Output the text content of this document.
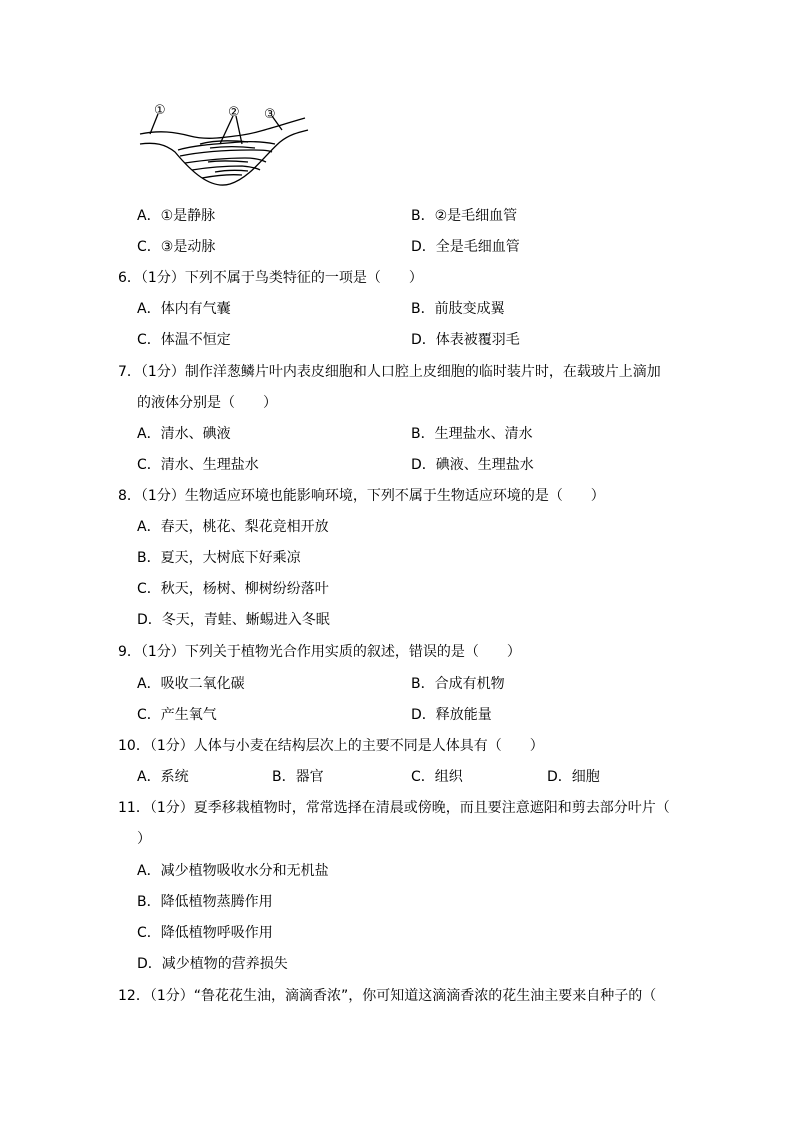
①	② ③
A．①是静脉	B．②是毛细血管
C．③是动脉	D．全是毛细血管
6．（1分）下列不属于鸟类特征的一项是（　　）
A．体内有气囊	B．前肢变成翼
C．体温不恒定	D．体表被覆羽毛
7．（1分）制作洋葱鳞片叶内表皮细胞和人口腔上皮细胞的临时装片时，在载玻片上滴加
的液体分别是（　　）
A．清水、碘液	B．生理盐水、清水
C．清水、生理盐水	D．碘液、生理盐水
8．（1分）生物适应环境也能影响环境，下列不属于生物适应环境的是（　　）
A．春天，桃花、梨花竞相开放
B．夏天，大树底下好乘凉
C．秋天，杨树、柳树纷纷落叶
D．冬天，青蛙、蜥蜴进入冬眠
9．（1分）下列关于植物光合作用实质的叙述，错误的是（　　）
A．吸收二氧化碳	B．合成有机物
C．产生氧气	D．释放能量
10．（1分）人体与小麦在结构层次上的主要不同是人体具有（　　）
A．系统	B．器官	C．组织	D．细胞
11．（1分）夏季移栽植物时，常常选择在清晨或傍晚，而且要注意遮阳和剪去部分叶片（
）
A．减少植物吸收水分和无机盐
B．降低植物蒸腾作用
C．降低植物呼吸作用
D．减少植物的营养损失
12．（1分）“鲁花花生油，滴滴香浓”，你可知道这滴滴香浓的花生油主要来自种子的（
